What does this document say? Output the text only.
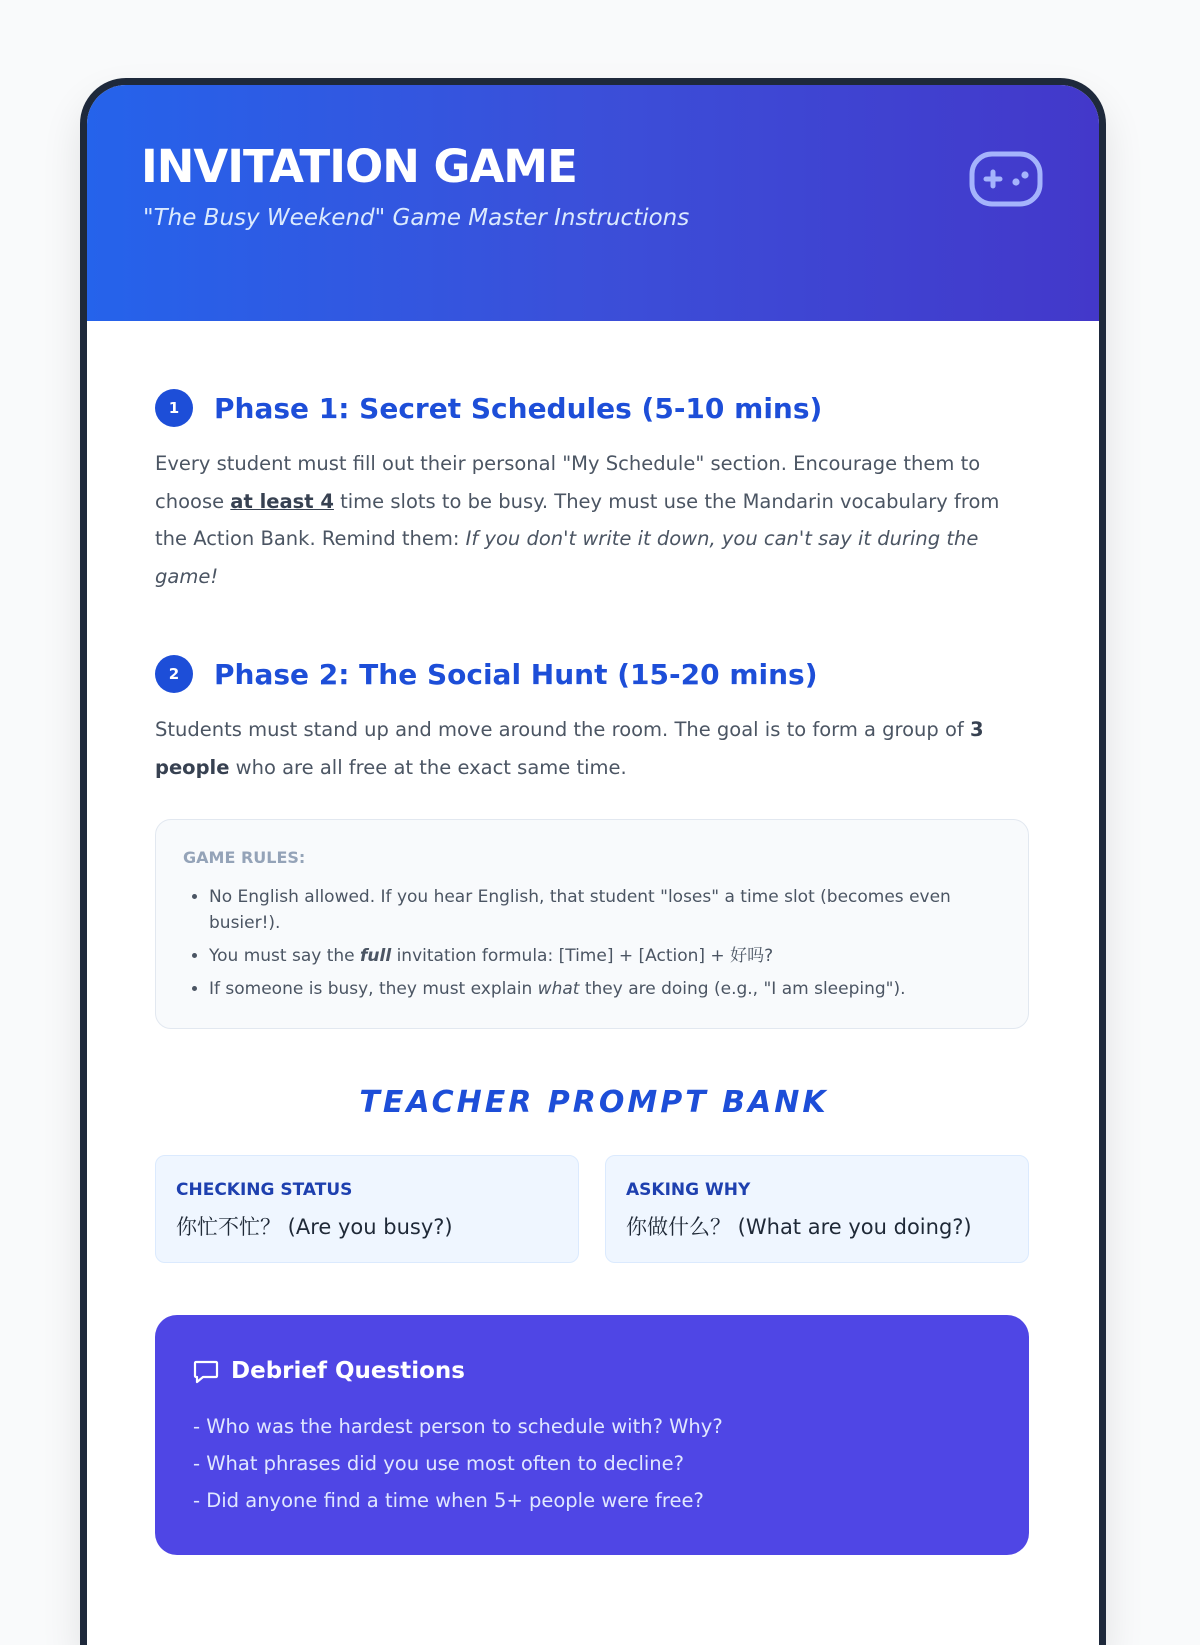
INVITATION GAME
"The Busy Weekend" Game Master Instructions
1	Phase 1: Secret Schedules (5-10 mins)

Every student must fill out their personal "My Schedule" section. Encourage them to choose at least 4 time slots to be busy. They must use the Mandarin vocabulary from the Action Bank. Remind them: If you don't write it down, you can't say it during the game!

2	Phase 2: The Social Hunt (15-20 mins)

Students must stand up and move around the room. The goal is to form a group of 3 people who are all free at the exact same time.

GAME RULES:
• No English allowed. If you hear English, that student "loses" a time slot (becomes even busier!).
• You must say the full invitation formula: [Time] + [Action] + 好吗?
• If someone is busy, they must explain what they are doing (e.g., "I am sleeping").
TEACHER PROMPT BANK
CHECKING STATUS
你忙不忙？ (Are you busy?)
ASKING WHY
你做什么？ (What are you doing?)
Debrief Questions
- Who was the hardest person to schedule with? Why?
- What phrases did you use most often to decline?
- Did anyone find a time when 5+ people were free?
